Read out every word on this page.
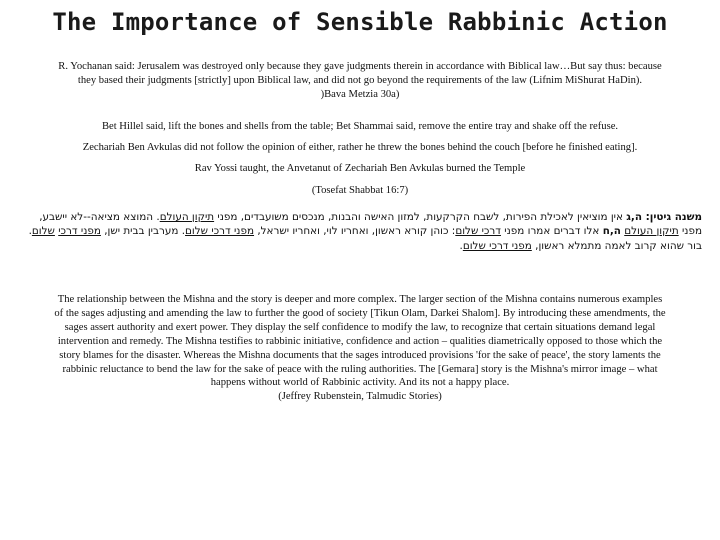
The Importance of Sensible Rabbinic Action
R. Yochanan said: Jerusalem was destroyed only because they gave judgments therein in accordance with Biblical law…But say thus: because
they based their judgments [strictly] upon Biblical law, and did not go beyond the requirements of the law (Lifnim MiShurat HaDin).
)Bava Metzia 30a)
Bet Hillel said, lift the bones and shells from the table; Bet Shammai said, remove the entire tray and shake off the refuse.
Zechariah Ben Avkulas did not follow the opinion of either, rather he threw the bones behind the couch [before he finished eating].
Rav Yossi taught, the Anvetanut of Zechariah Ben Avkulas burned the Temple
(Tosefat Shabbat 16:7)
משנה גיטין: ה,ג אין מוציאין לאכילת הפירות, לשבח הקרקעות, למזון האישה והבנות, מנכסים משועבדים, מפני תיקון העולם. המוצא מציאה--לא יישבע, מפני תיקון העולם ה,ח אלו דברים אמרו מפני דרכי שלום: כוהן קורא ראשון, ואחריו לוי, ואחריו ישראל, מפני דרכי שלום. מערבין בבית ישן, מפני דרכי שלום. בור שהוא קרוב לאמה מתמלא ראשון, מפני דרכי שלום.
The relationship between the Mishna and the story is deeper and more complex. The larger section of the Mishna contains numerous examples
of the sages adjusting and amending the law to further the good of society [Tikun Olam, Darkei Shalom]. By introducing these amendments, the
sages assert authority and exert power. They display the self confidence to modify the law, to recognize that certain situations demand legal
intervention and remedy. The Mishna testifies to rabbinic initiative, confidence and action – qualities diametrically opposed to those which the
story blames for the disaster. Whereas the Mishna documents that the sages introduced provisions 'for the sake of peace', the story laments the
rabbinic reluctance to bend the law for the sake of peace with the ruling authorities. The [Gemara] story is the Mishna's mirror image – what
happens without world of Rabbinic activity. And its not a happy place.
(Jeffrey Rubenstein, Talmudic Stories)
